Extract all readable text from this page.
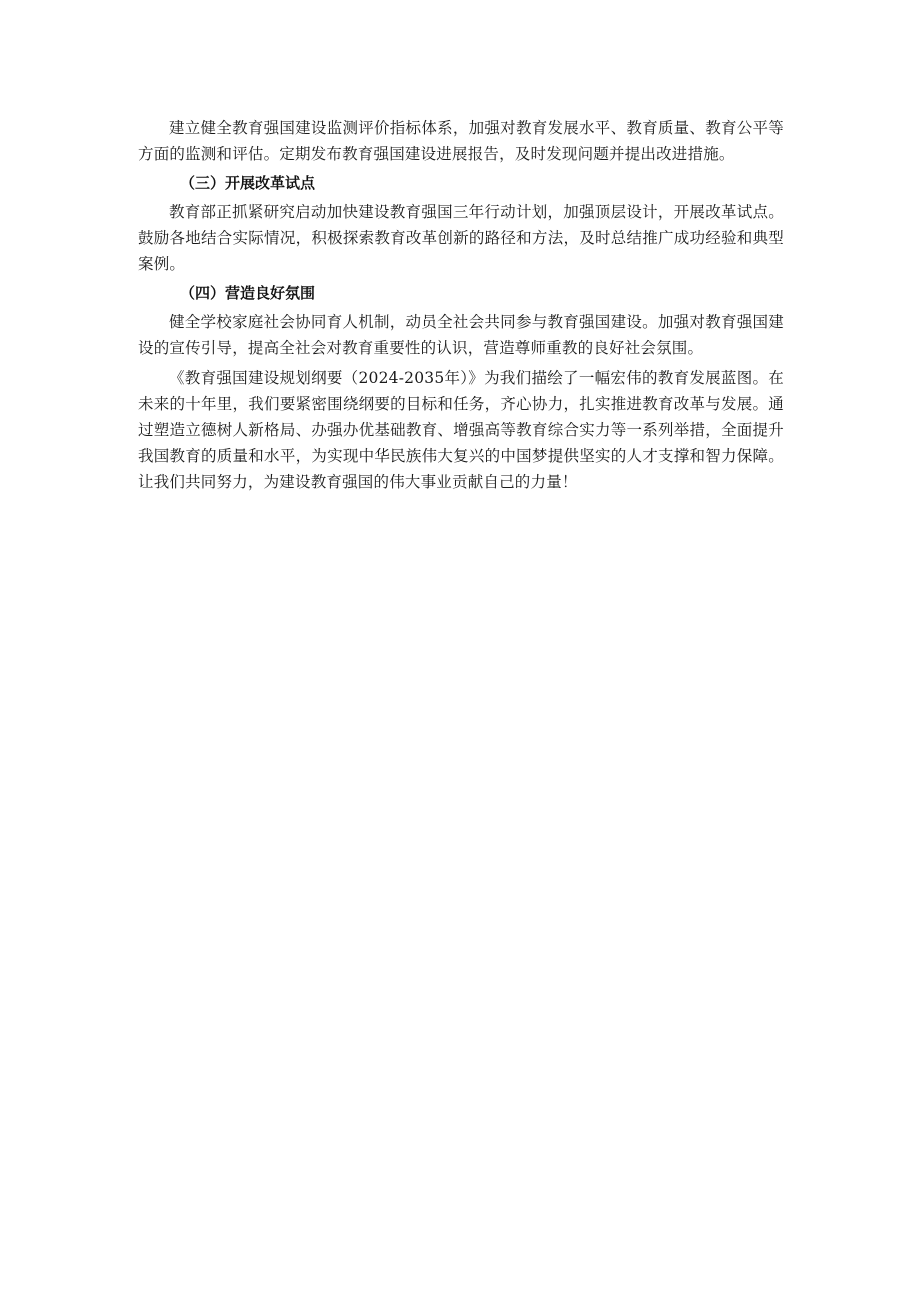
建立健全教育强国建设监测评价指标体系，加强对教育发展水平、教育质量、教育公平等方面的监测和评估。定期发布教育强国建设进展报告，及时发现问题并提出改进措施。

（三）开展改革试点

教育部正抓紧研究启动加快建设教育强国三年行动计划，加强顶层设计，开展改革试点。鼓励各地结合实际情况，积极探索教育改革创新的路径和方法，及时总结推广成功经验和典型案例。

（四）营造良好氛围

健全学校家庭社会协同育人机制，动员全社会共同参与教育强国建设。加强对教育强国建设的宣传引导，提高全社会对教育重要性的认识，营造尊师重教的良好社会氛围。

《教育强国建设规划纲要（2024-2035年）》为我们描绘了一幅宏伟的教育发展蓝图。在未来的十年里，我们要紧密围绕纲要的目标和任务，齐心协力，扎实推进教育改革与发展。通过塑造立德树人新格局、办强办优基础教育、增强高等教育综合实力等一系列举措，全面提升我国教育的质量和水平，为实现中华民族伟大复兴的中国梦提供坚实的人才支撑和智力保障。让我们共同努力，为建设教育强国的伟大事业贡献自己的力量！
